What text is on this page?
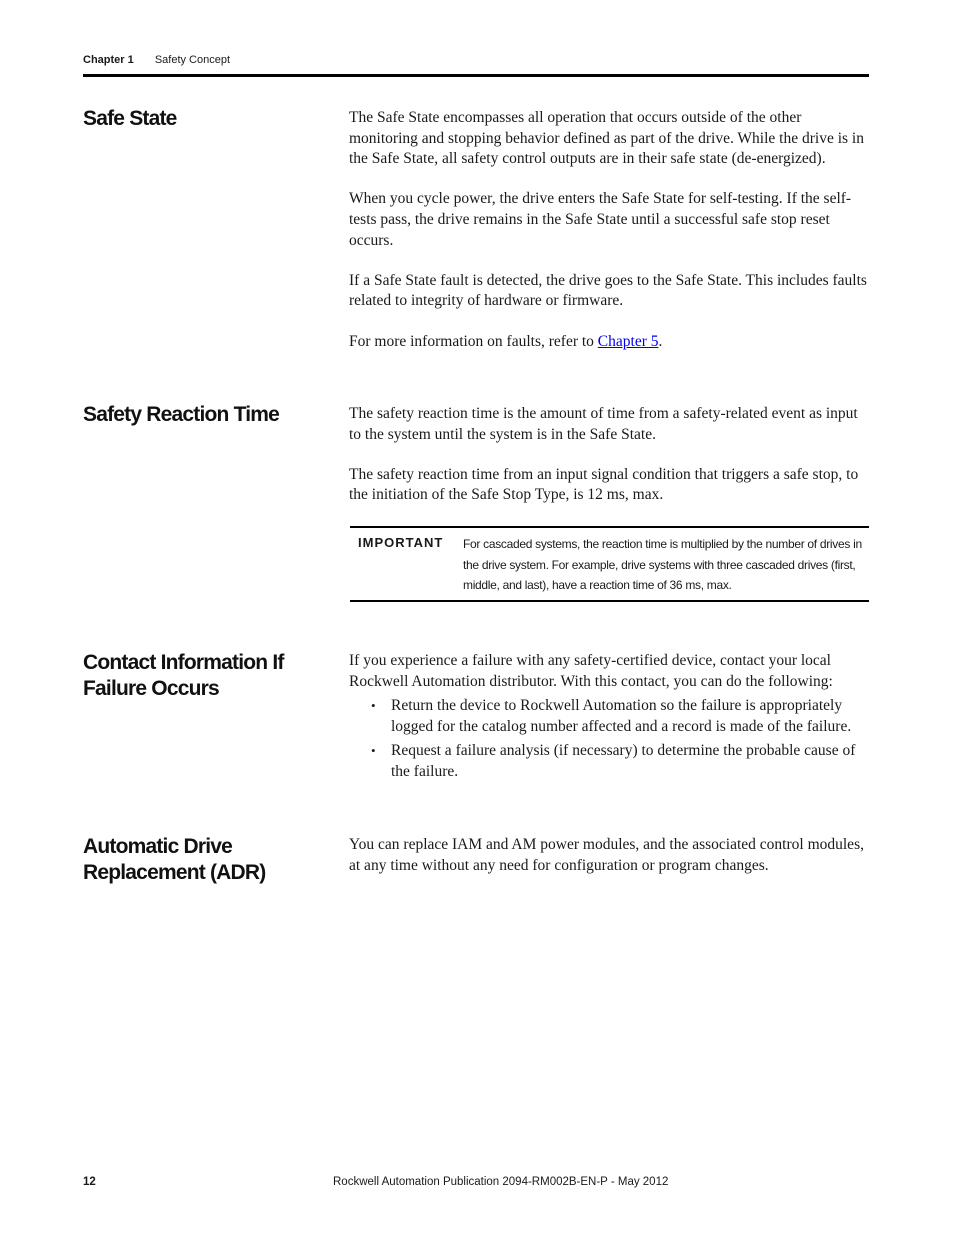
Chapter 1 Safety Concept
Safe State	The Safe State encompasses all operation that occurs outside of the other monitoring and stopping behavior defined as part of the drive. While the drive is in the Safe State, all safety control outputs are in their safe state (de-energized).

When you cycle power, the drive enters the Safe State for self-testing. If the self-tests pass, the drive remains in the Safe State until a successful safe stop reset occurs.

If a Safe State fault is detected, the drive goes to the Safe State. This includes faults related to integrity of hardware or firmware.

For more information on faults, refer to Chapter 5.

Safety Reaction Time	The safety reaction time is the amount of time from a safety-related event as input to the system until the system is in the Safe State.

The safety reaction time from an input signal condition that triggers a safe stop, to the initiation of the Safe Stop Type, is 12 ms, max.

IMPORTANT For cascaded systems, the reaction time is multiplied by the number of drives in the drive system. For example, drive systems with three cascaded drives (first, middle, and last), have a reaction time of 36 ms, max.
Contact Information If Failure Occurs

If you experience a failure with any safety-certified device, contact your local Rockwell Automation distributor. With this contact, you can do the following:

• Return the device to Rockwell Automation so the failure is appropriately logged for the catalog number affected and a record is made of the failure.
• Request a failure analysis (if necessary) to determine the probable cause of the failure.
Automatic Drive Replacement (ADR)

You can replace IAM and AM power modules, and the associated control modules, at any time without any need for configuration or program changes.

12	Rockwell Automation Publication 2094-RM002B-EN-P - May 2012
